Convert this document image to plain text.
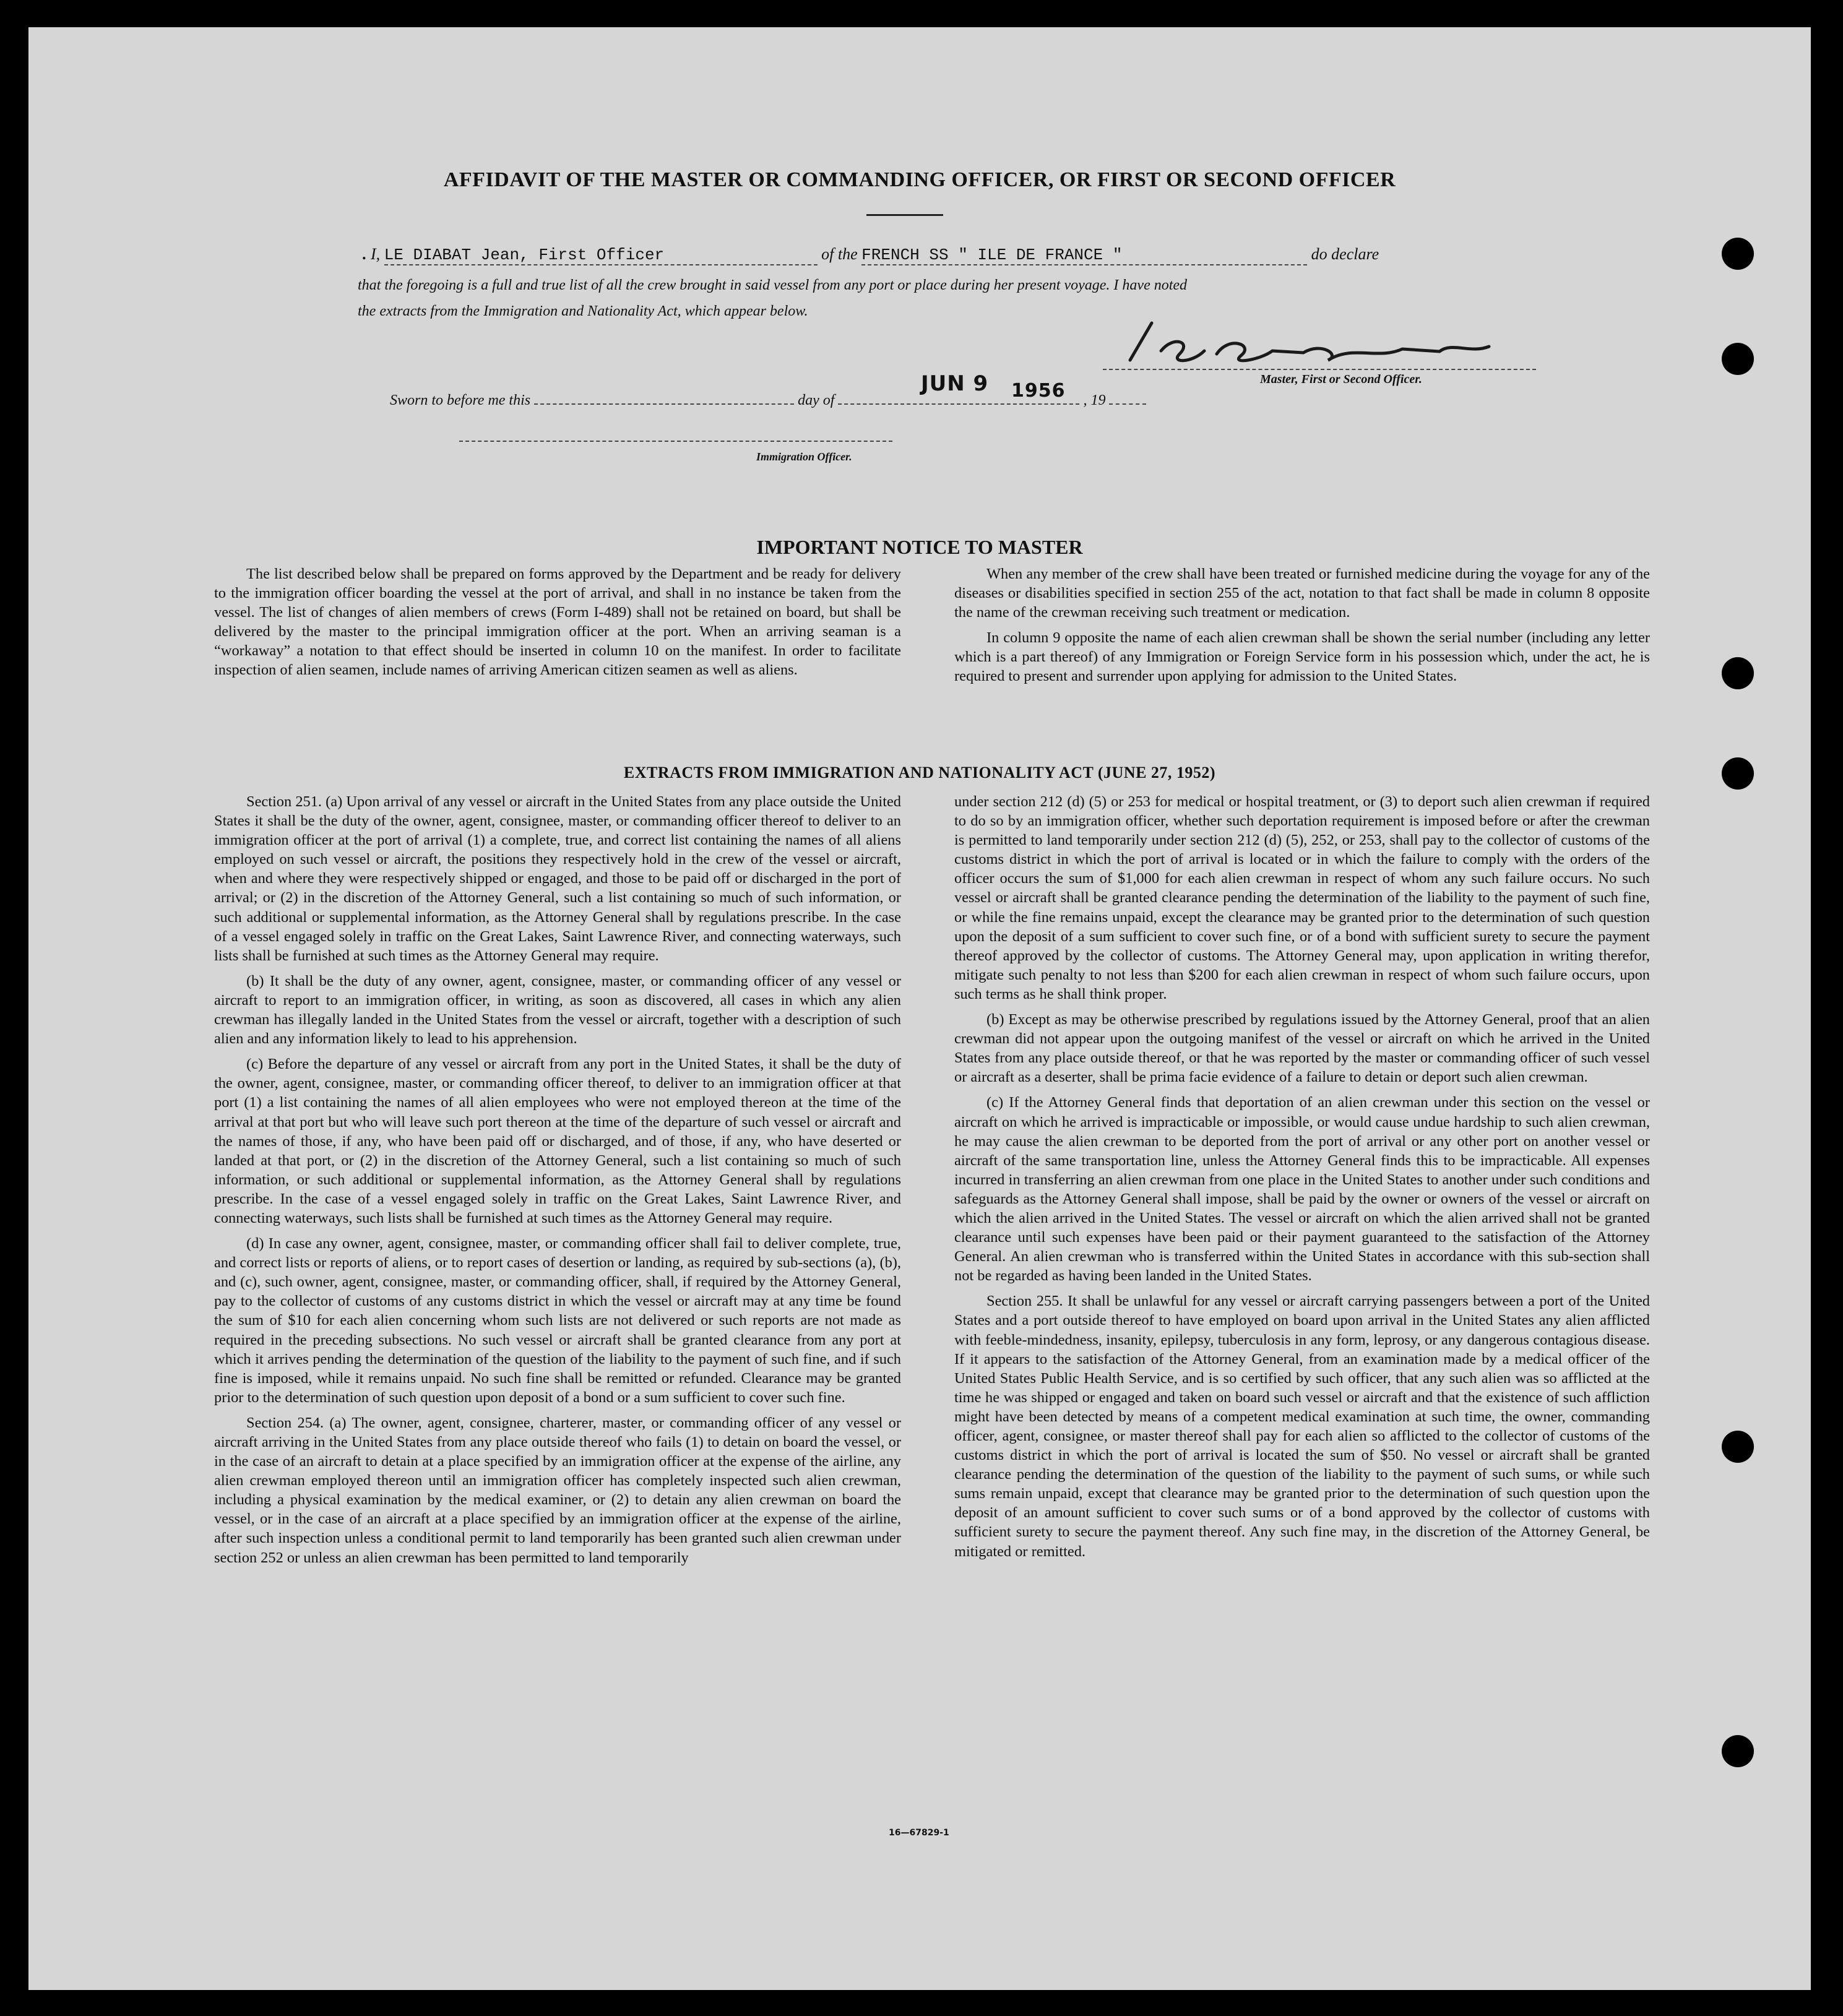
AFFIDAVIT OF THE MASTER OR COMMANDING OFFICER, OR FIRST OR SECOND OFFICER
. I, LE DIABAT Jean, First Officer	of the FRENCH SS " ILE DE FRANCE "	do declare
that the foregoing is a full and true list of all the crew brought in said vessel from any port or place during her present voyage. I have noted
the extracts from the Immigration and Nationality Act, which appear below.
Master, First or Second Officer.
Sworn to before me this	day of	, 19
JUN 9 1956
Immigration Officer.
IMPORTANT NOTICE TO MASTER

The list described below shall be prepared on forms approved by the Department and be ready for delivery to the immigration officer boarding the vessel at the port of arrival, and shall in no instance be taken from the vessel. The list of changes of alien members of crews (Form I-489) shall not be retained on board, but shall be delivered by the master to the principal immigration officer at the port. When an arriving seaman is a “workaway” a notation to that effect should be inserted in column 10 on the manifest. In order to facilitate inspection of alien seamen, include names of arriving American citizen seamen as well as aliens.

When any member of the crew shall have been treated or furnished medicine during the voyage for any of the diseases or disabilities specified in section 255 of the act, notation to that fact shall be made in column 8 opposite the name of the crewman receiving such treatment or medication.

In column 9 opposite the name of each alien crewman shall be shown the serial number (including any letter which is a part thereof) of any Immigration or Foreign Service form in his possession which, under the act, he is required to present and surrender upon applying for admission to the United States.

EXTRACTS FROM IMMIGRATION AND NATIONALITY ACT (JUNE 27, 1952)

Section 251. (a) Upon arrival of any vessel or aircraft in the United States from any place outside the United States it shall be the duty of the owner, agent, consignee, master, or commanding officer thereof to deliver to an immigration officer at the port of arrival (1) a complete, true, and correct list containing the names of all aliens employed on such vessel or aircraft, the positions they respectively hold in the crew of the vessel or aircraft, when and where they were respectively shipped or engaged, and those to be paid off or discharged in the port of arrival; or (2) in the discretion of the Attorney General, such a list containing so much of such information, or such additional or supplemental information, as the Attorney General shall by regulations prescribe. In the case of a vessel engaged solely in traffic on the Great Lakes, Saint Lawrence River, and connecting waterways, such lists shall be furnished at such times as the Attorney General may require.

(b) It shall be the duty of any owner, agent, consignee, master, or commanding officer of any vessel or aircraft to report to an immigration officer, in writing, as soon as discovered, all cases in which any alien crewman has illegally landed in the United States from the vessel or aircraft, together with a description of such alien and any information likely to lead to his apprehension.

(c) Before the departure of any vessel or aircraft from any port in the United States, it shall be the duty of the owner, agent, consignee, master, or commanding officer thereof, to deliver to an immigration officer at that port (1) a list containing the names of all alien employees who were not employed thereon at the time of the arrival at that port but who will leave such port thereon at the time of the departure of such vessel or aircraft and the names of those, if any, who have been paid off or discharged, and of those, if any, who have deserted or landed at that port, or (2) in the discretion of the Attorney General, such a list containing so much of such information, or such additional or supplemental information, as the Attorney General shall by regulations prescribe. In the case of a vessel engaged solely in traffic on the Great Lakes, Saint Lawrence River, and connecting waterways, such lists shall be furnished at such times as the Attorney General may require.

(d) In case any owner, agent, consignee, master, or commanding officer shall fail to deliver complete, true, and correct lists or reports of aliens, or to report cases of desertion or landing, as required by sub-sections (a), (b), and (c), such owner, agent, consignee, master, or commanding officer, shall, if required by the Attorney General, pay to the collector of customs of any customs district in which the vessel or aircraft may at any time be found the sum of $10 for each alien concerning whom such lists are not delivered or such reports are not made as required in the preceding subsections. No such vessel or aircraft shall be granted clearance from any port at which it arrives pending the determination of the question of the liability to the payment of such fine, and if such fine is imposed, while it remains unpaid. No such fine shall be remitted or refunded. Clearance may be granted prior to the determination of such question upon deposit of a bond or a sum sufficient to cover such fine.

Section 254. (a) The owner, agent, consignee, charterer, master, or commanding officer of any vessel or aircraft arriving in the United States from any place outside thereof who fails (1) to detain on board the vessel, or in the case of an aircraft to detain at a place specified by an immigration officer at the expense of the airline, any alien crewman employed thereon until an immigration officer has completely inspected such alien crewman, including a physical examination by the medical examiner, or (2) to detain any alien crewman on board the vessel, or in the case of an aircraft at a place specified by an immigration officer at the expense of the airline, after such inspection unless a conditional permit to land temporarily has been granted such alien crewman under section 252 or unless an alien crewman has been permitted to land temporarily

under section 212 (d) (5) or 253 for medical or hospital treatment, or (3) to deport such alien crewman if required to do so by an immigration officer, whether such deportation requirement is imposed before or after the crewman is permitted to land temporarily under section 212 (d) (5), 252, or 253, shall pay to the collector of customs of the customs district in which the port of arrival is located or in which the failure to comply with the orders of the officer occurs the sum of $1,000 for each alien crewman in respect of whom any such failure occurs. No such vessel or aircraft shall be granted clearance pending the determination of the liability to the payment of such fine, or while the fine remains unpaid, except the clearance may be granted prior to the determination of such question upon the deposit of a sum sufficient to cover such fine, or of a bond with sufficient surety to secure the payment thereof approved by the collector of customs. The Attorney General may, upon application in writing therefor, mitigate such penalty to not less than $200 for each alien crewman in respect of whom such failure occurs, upon such terms as he shall think proper.

(b) Except as may be otherwise prescribed by regulations issued by the Attorney General, proof that an alien crewman did not appear upon the outgoing manifest of the vessel or aircraft on which he arrived in the United States from any place outside thereof, or that he was reported by the master or commanding officer of such vessel or aircraft as a deserter, shall be prima facie evidence of a failure to detain or deport such alien crewman.

(c) If the Attorney General finds that deportation of an alien crewman under this section on the vessel or aircraft on which he arrived is impracticable or impossible, or would cause undue hardship to such alien crewman, he may cause the alien crewman to be deported from the port of arrival or any other port on another vessel or aircraft of the same transportation line, unless the Attorney General finds this to be impracticable. All expenses incurred in transferring an alien crewman from one place in the United States to another under such conditions and safeguards as the Attorney General shall impose, shall be paid by the owner or owners of the vessel or aircraft on which the alien arrived in the United States. The vessel or aircraft on which the alien arrived shall not be granted clearance until such expenses have been paid or their payment guaranteed to the satisfaction of the Attorney General. An alien crewman who is transferred within the United States in accordance with this sub-section shall not be regarded as having been landed in the United States.

Section 255. It shall be unlawful for any vessel or aircraft carrying passengers between a port of the United States and a port outside thereof to have employed on board upon arrival in the United States any alien afflicted with feeble-mindedness, insanity, epilepsy, tuberculosis in any form, leprosy, or any dangerous contagious disease. If it appears to the satisfaction of the Attorney General, from an examination made by a medical officer of the United States Public Health Service, and is so certified by such officer, that any such alien was so afflicted at the time he was shipped or engaged and taken on board such vessel or aircraft and that the existence of such affliction might have been detected by means of a competent medical examination at such time, the owner, commanding officer, agent, consignee, or master thereof shall pay for each alien so afflicted to the collector of customs of the customs district in which the port of arrival is located the sum of $50. No vessel or aircraft shall be granted clearance pending the determination of the question of the liability to the payment of such sums, or while such sums remain unpaid, except that clearance may be granted prior to the determination of such question upon the deposit of an amount sufficient to cover such sums or of a bond approved by the collector of customs with sufficient surety to secure the payment thereof. Any such fine may, in the discretion of the Attorney General, be mitigated or remitted.

16—67829-1
